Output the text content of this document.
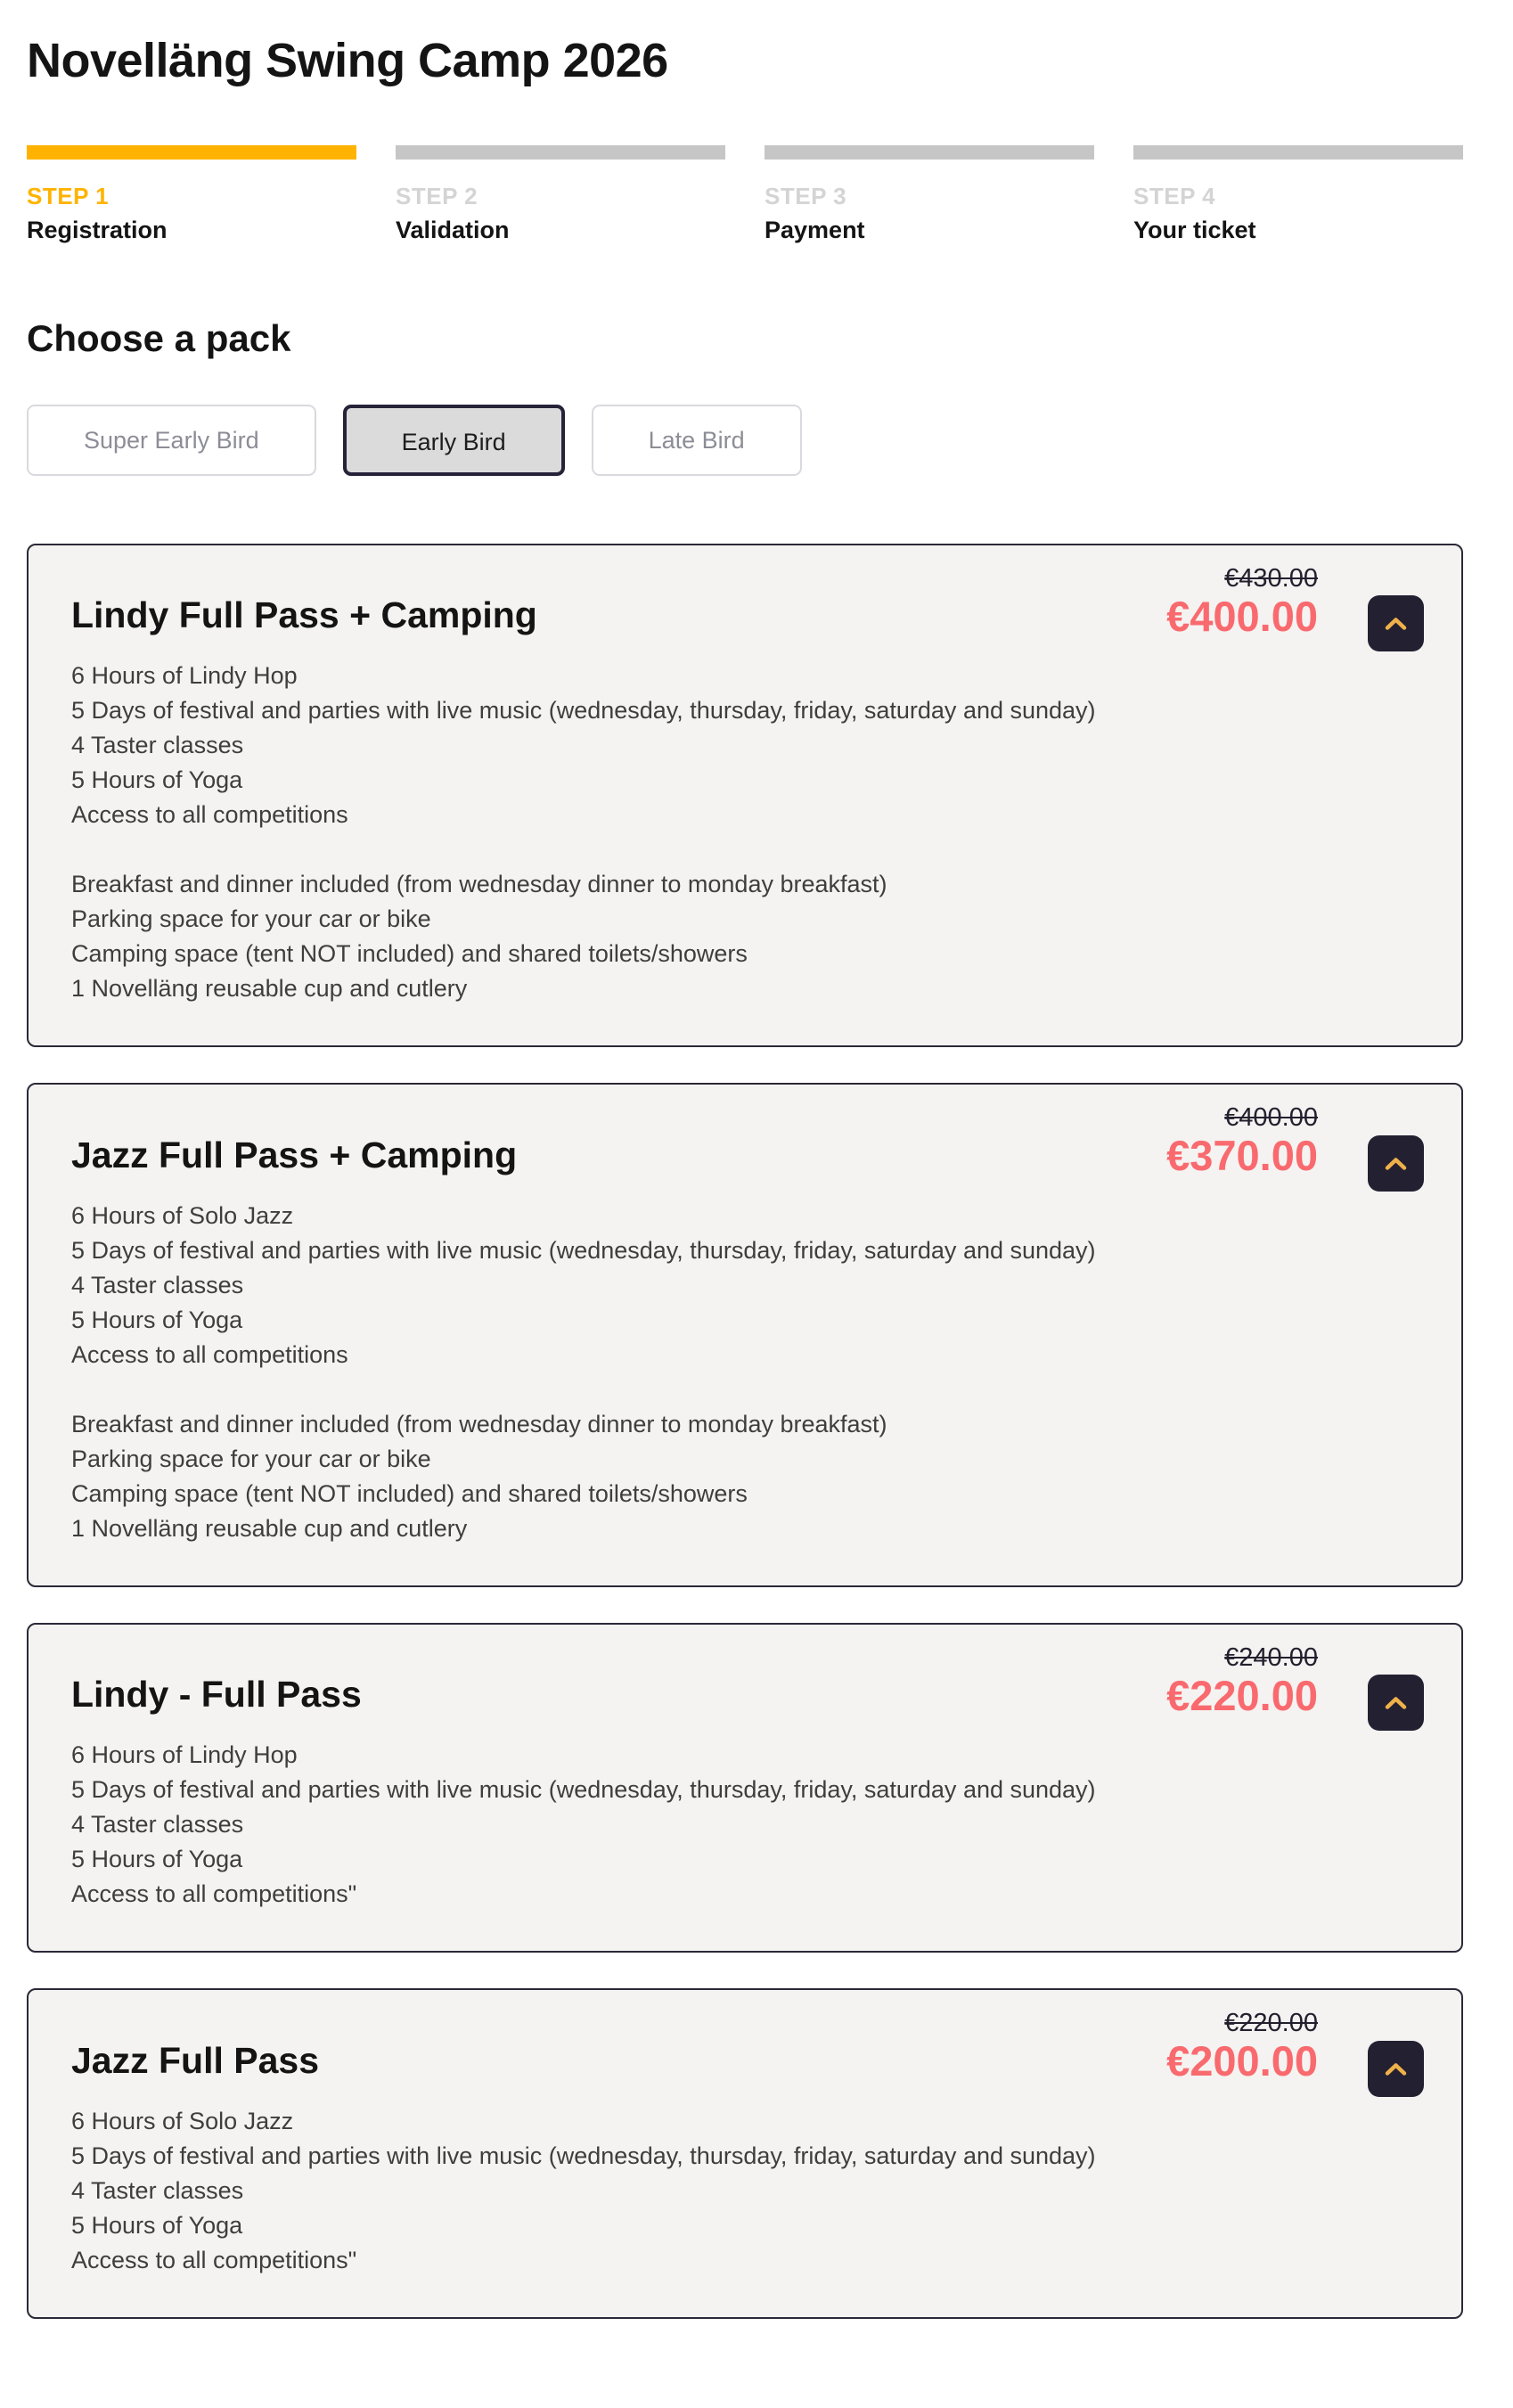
Novelläng Swing Camp 2026
STEP 1
Registration
STEP 2
Validation
STEP 3
Payment
STEP 4
Your ticket
Choose a pack
Super Early Bird	Early Bird	Late Bird
Lindy Full Pass + Camping
€430.00
€400.00
6 Hours of Lindy Hop
5 Days of festival and parties with live music (wednesday, thursday, friday, saturday and sunday)
4 Taster classes
5 Hours of Yoga
Access to all competitions
Breakfast and dinner included (from wednesday dinner to monday breakfast)
Parking space for your car or bike
Camping space (tent NOT included) and shared toilets/showers
1 Novelläng reusable cup and cutlery
Jazz Full Pass + Camping
€400.00
€370.00
6 Hours of Solo Jazz
5 Days of festival and parties with live music (wednesday, thursday, friday, saturday and sunday)
4 Taster classes
5 Hours of Yoga
Access to all competitions
Breakfast and dinner included (from wednesday dinner to monday breakfast)
Parking space for your car or bike
Camping space (tent NOT included) and shared toilets/showers
1 Novelläng reusable cup and cutlery
Lindy - Full Pass
€240.00
€220.00
6 Hours of Lindy Hop
5 Days of festival and parties with live music (wednesday, thursday, friday, saturday and sunday)
4 Taster classes
5 Hours of Yoga
Access to all competitions"
Jazz Full Pass
€220.00
€200.00
6 Hours of Solo Jazz
5 Days of festival and parties with live music (wednesday, thursday, friday, saturday and sunday)
4 Taster classes
5 Hours of Yoga
Access to all competitions"
